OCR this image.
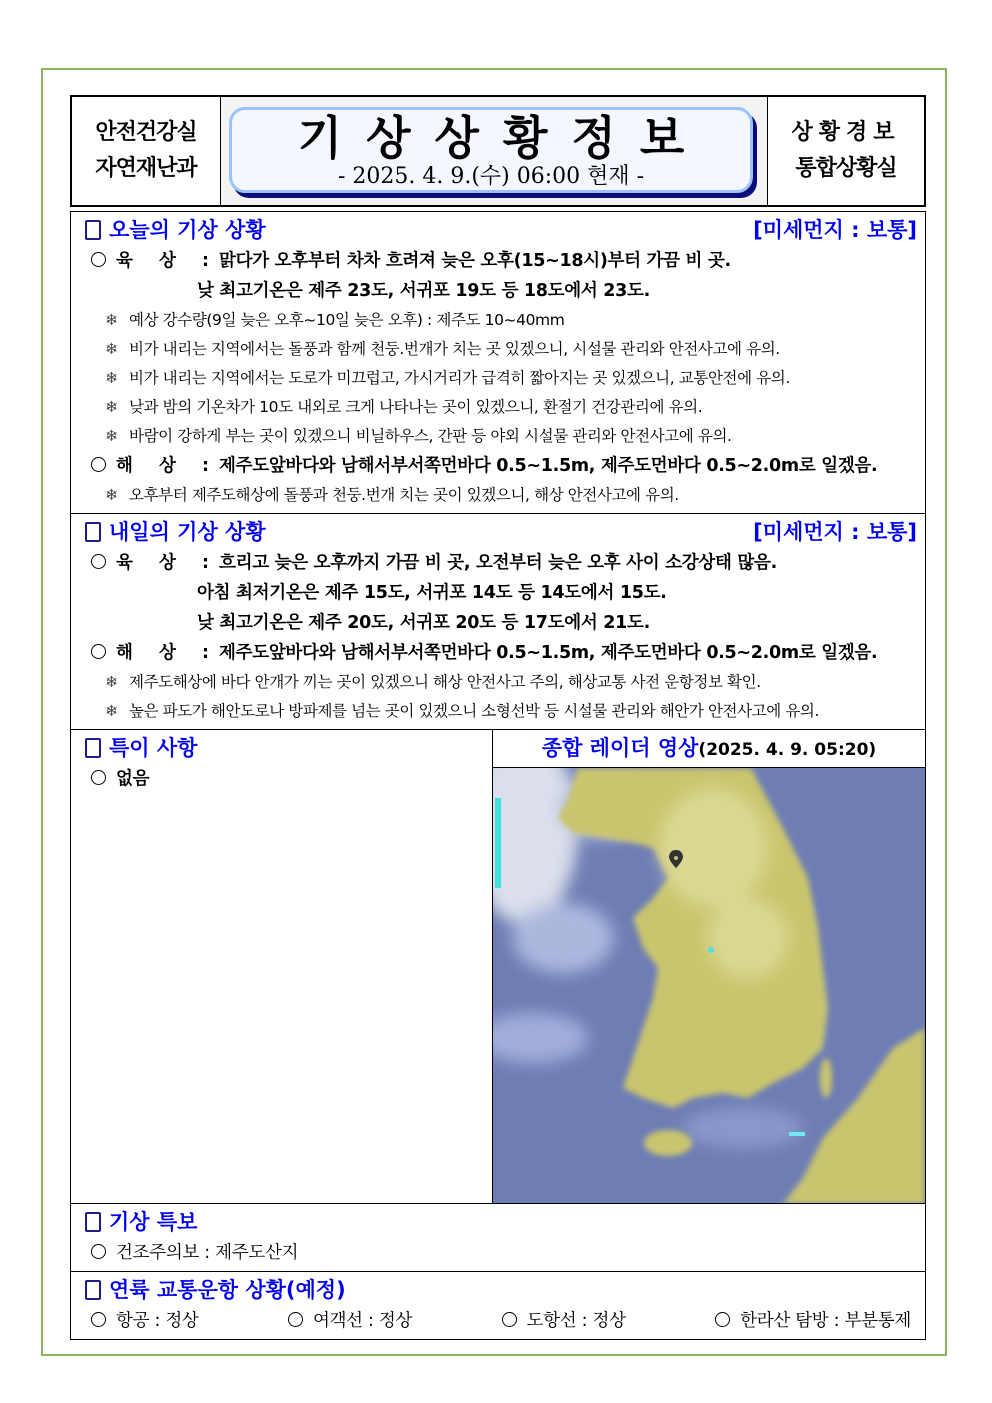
안전건강실
자연재난과
기상상황정보
- 2025. 4. 9.(수) 06:00 현재 -
상황경보
통합상황실
오늘의 기상 상황	[미세먼지 : 보통]
육 상 :맑다가 오후부터 차차 흐려져 늦은 오후(15~18시)부터 가끔 비 곳.
낮 최고기온은 제주 23도, 서귀포 19도 등 18도에서 23도.
❄ 예상 강수량(9일 늦은 오후~10일 늦은 오후) : 제주도 10~40mm
❄ 비가 내리는 지역에서는 돌풍과 함께 천둥.번개가 치는 곳 있겠으니, 시설물 관리와 안전사고에 유의.
❄ 비가 내리는 지역에서는 도로가 미끄럽고, 가시거리가 급격히 짧아지는 곳 있겠으니, 교통안전에 유의.
❄ 낮과 밤의 기온차가 10도 내외로 크게 나타나는 곳이 있겠으니, 환절기 건강관리에 유의.
❄ 바람이 강하게 부는 곳이 있겠으니 비닐하우스, 간판 등 야외 시설물 관리와 안전사고에 유의.
해 상 :제주도앞바다와 남해서부서쪽먼바다 0.5~1.5m, 제주도먼바다 0.5~2.0m로 일겠음.
❄ 오후부터 제주도해상에 돌풍과 천둥.번개 치는 곳이 있겠으니, 해상 안전사고에 유의.
내일의 기상 상황	[미세먼지 : 보통]
육 상 :흐리고 늦은 오후까지 가끔 비 곳, 오전부터 늦은 오후 사이 소강상태 많음.
아침 최저기온은 제주 15도, 서귀포 14도 등 14도에서 15도.
낮 최고기온은 제주 20도, 서귀포 20도 등 17도에서 21도.
해 상 :제주도앞바다와 남해서부서쪽먼바다 0.5~1.5m, 제주도먼바다 0.5~2.0m로 일겠음.
❄ 제주도해상에 바다 안개가 끼는 곳이 있겠으니 해상 안전사고 주의, 해상교통 사전 운항정보 확인.
❄ 높은 파도가 해안도로나 방파제를 넘는 곳이 있겠으니 소형선박 등 시설물 관리와 해안가 안전사고에 유의.
특이 사항
없음
종합 레이더 영상(2025. 4. 9. 05:20)
기상 특보
건조주의보 : 제주도산지
연륙 교통운항 상황(예정)
항공 : 정상	여객선 : 정상	도항선 : 정상	한라산 탐방 : 부분통제
